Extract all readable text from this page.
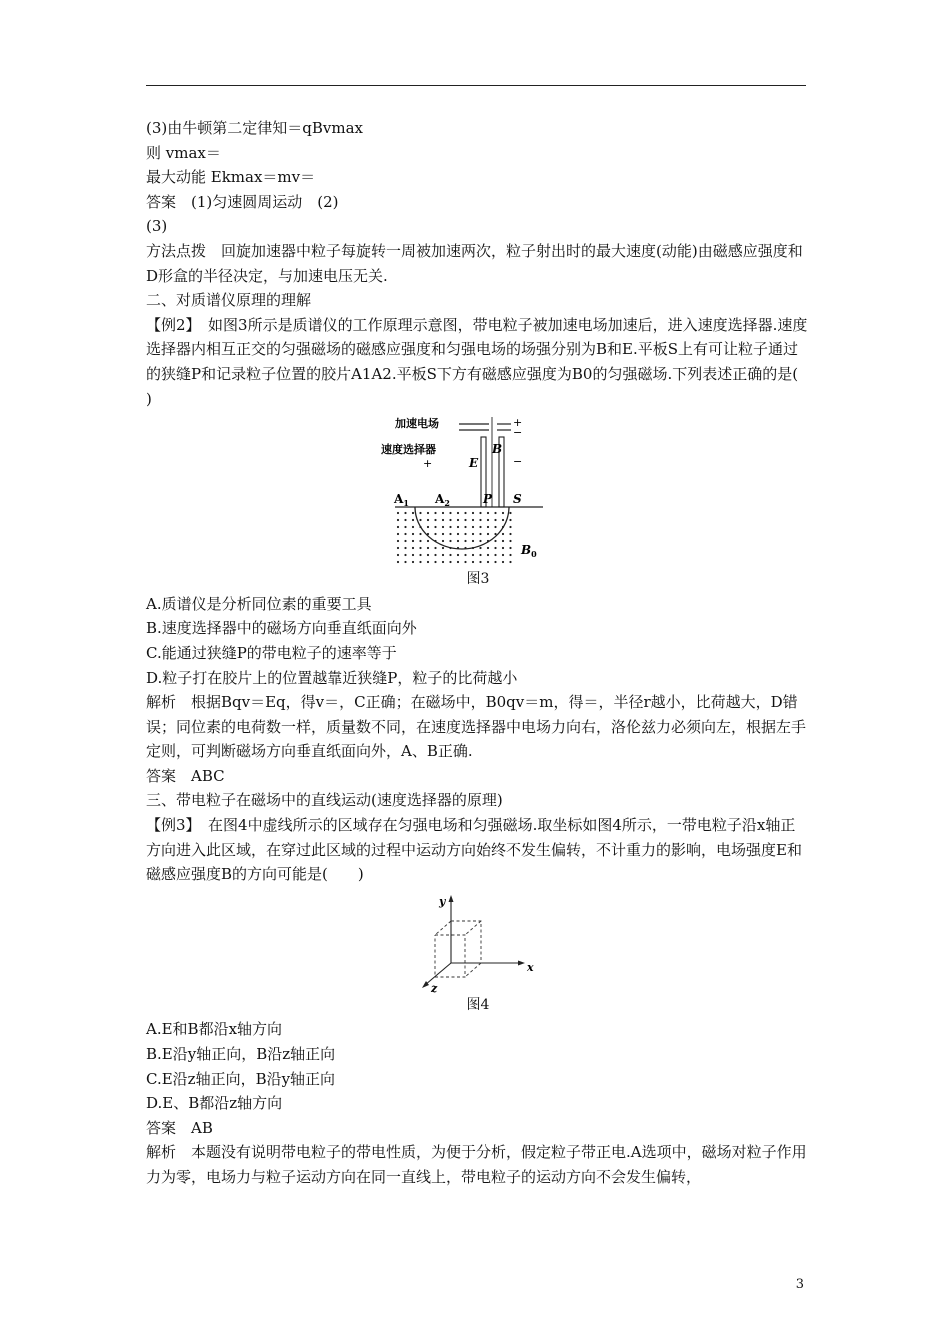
(3)由牛顿第二定律知＝qBvmax
则 vmax＝
最大动能 Ekmax＝mv＝
答案　(1)匀速圆周运动　(2)
(3)
方法点拨　回旋加速器中粒子每旋转一周被加速两次，粒子射出时的最大速度(动能)由磁感应强度和D形盒的半径决定，与加速电压无关.
二、对质谱仪原理的理解
【例2】　如图3所示是质谱仪的工作原理示意图，带电粒子被加速电场加速后，进入速度选择器.速度选择器内相互正交的匀强磁场的磁感应强度和匀强电场的场强分别为B和E.平板S上有可让粒子通过的狭缝P和记录粒子位置的胶片A1A2.平板S下方有磁感应强度为B0的匀强磁场.下列表述正确的是(　　)
加速电场
速度选择器
+
−
+	−
E
B
$A_1$ $A_2$	P S
$B_0$
图3
A.质谱仪是分析同位素的重要工具
B.速度选择器中的磁场方向垂直纸面向外
C.能通过狭缝P的带电粒子的速率等于
D.粒子打在胶片上的位置越靠近狭缝P，粒子的比荷越小
解析　根据Bqv＝Eq，得v＝，C正确；在磁场中，B0qv＝m，得＝，半径r越小，比荷越大，D错误；同位素的电荷数一样，质量数不同，在速度选择器中电场力向右，洛伦兹力必须向左，根据左手定则，可判断磁场方向垂直纸面向外，A、B正确.
答案　ABC
三、带电粒子在磁场中的直线运动(速度选择器的原理)
【例3】　在图4中虚线所示的区域存在匀强电场和匀强磁场.取坐标如图4所示，一带电粒子沿x轴正方向进入此区域，在穿过此区域的过程中运动方向始终不发生偏转，不计重力的影响，电场强度E和磁感应强度B的方向可能是(　　)
y
x
z
图4
A.E和B都沿x轴方向
B.E沿y轴正向，B沿z轴正向
C.E沿z轴正向，B沿y轴正向
D.E、B都沿z轴方向
答案　AB
解析　本题没有说明带电粒子的带电性质，为便于分析，假定粒子带正电.A选项中，磁场对粒子作用力为零，电场力与粒子运动方向在同一直线上，带电粒子的运动方向不会发生偏转，
3
